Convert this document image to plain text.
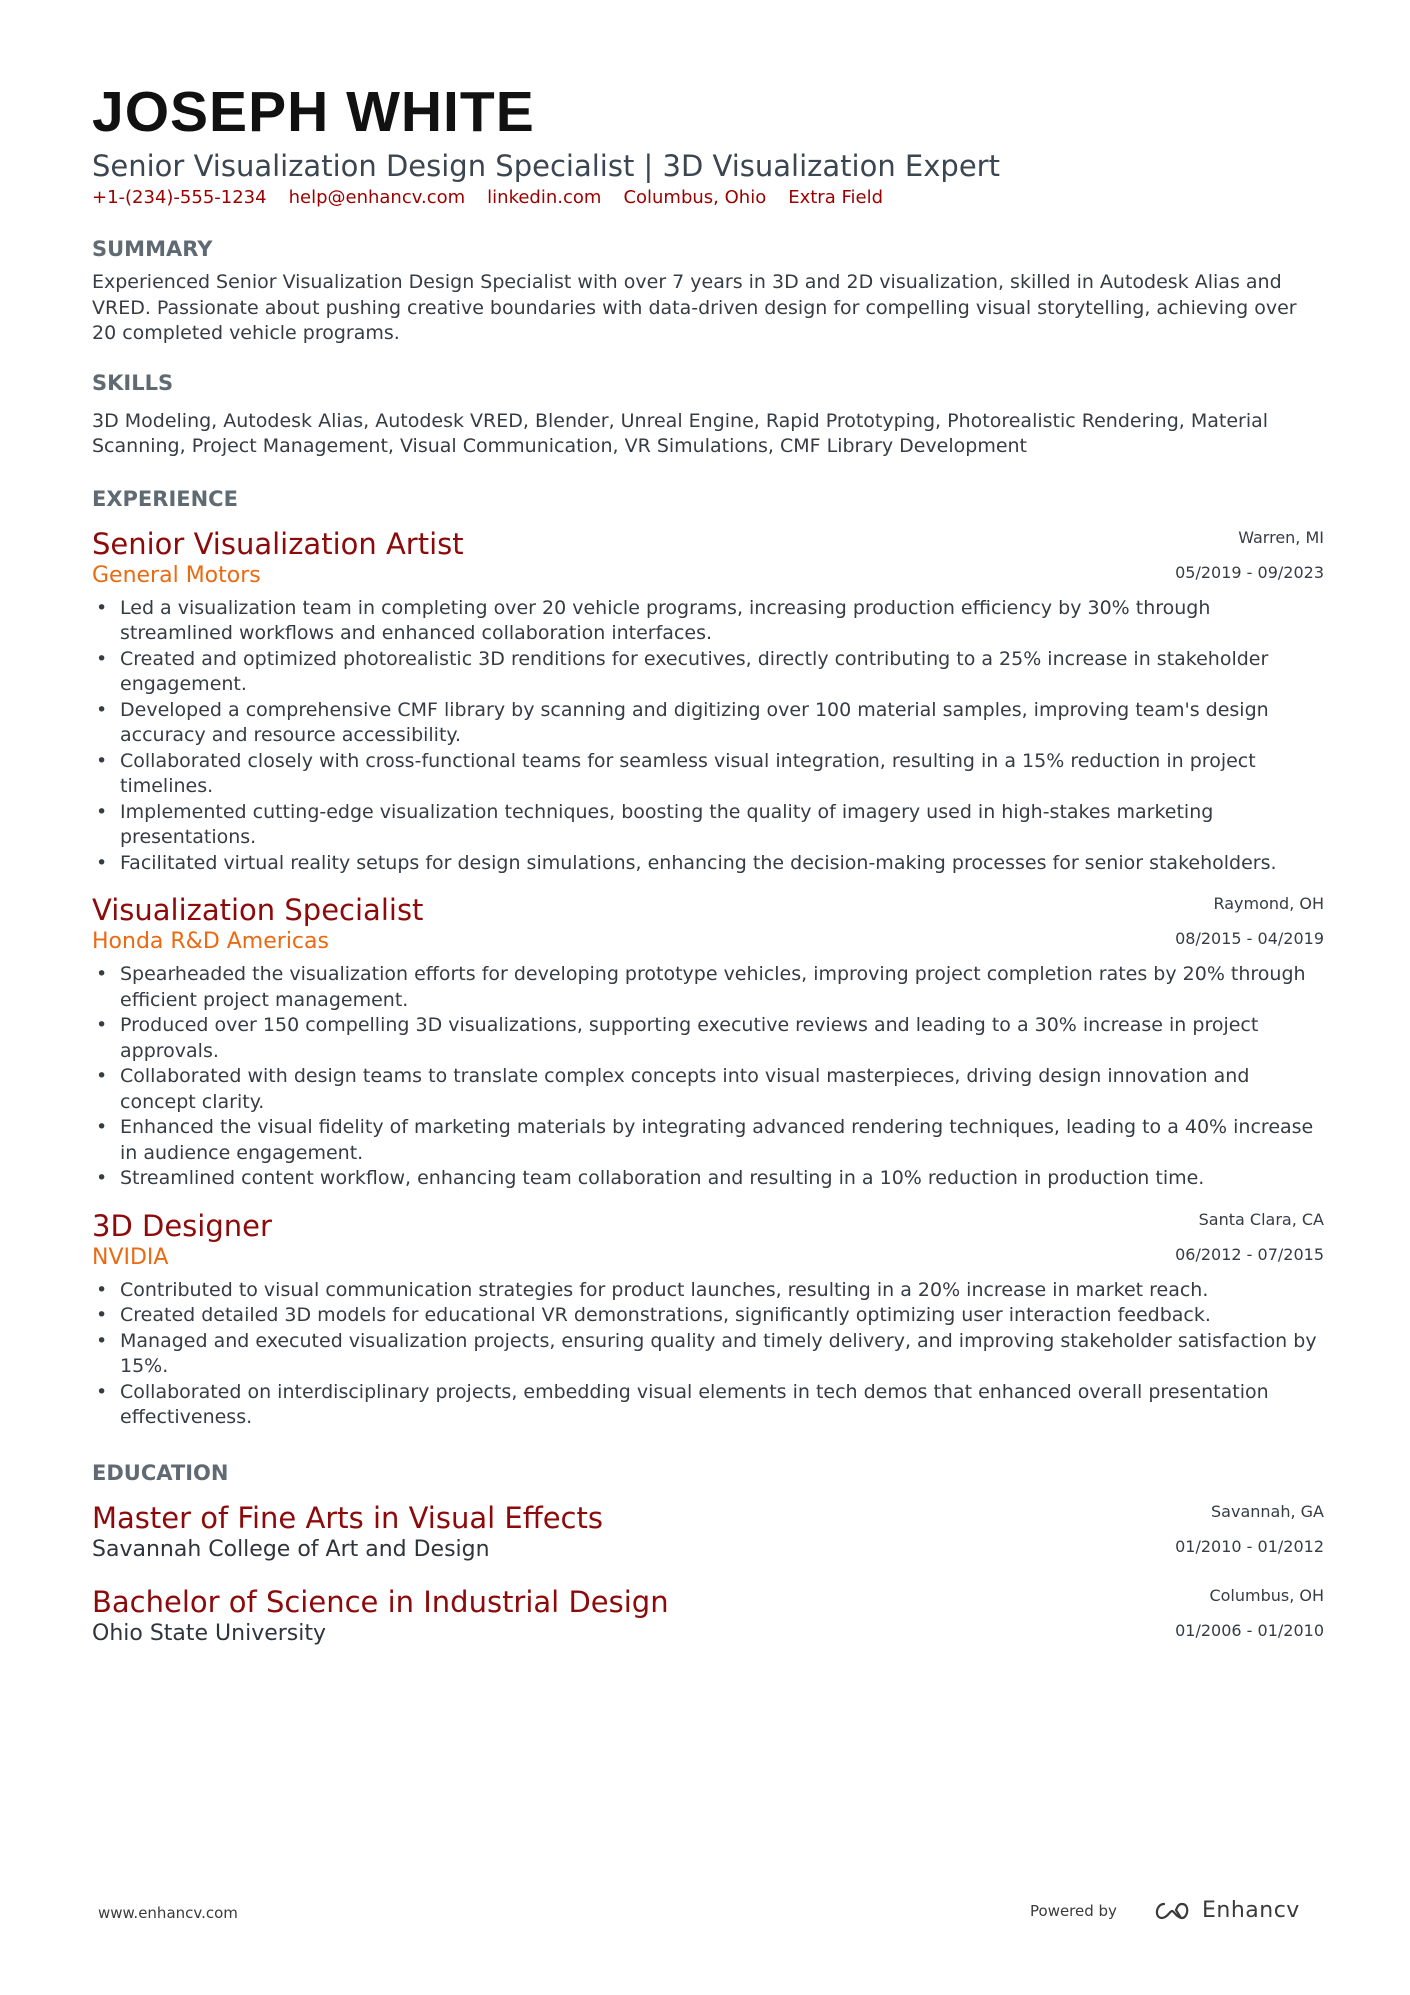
JOSEPH WHITE
Senior Visualization Design Specialist | 3D Visualization Expert
+1-(234)-555-1234 help@enhancv.com linkedin.com Columbus, Ohio Extra Field
SUMMARY
Experienced Senior Visualization Design Specialist with over 7 years in 3D and 2D visualization, skilled in Autodesk Alias and VRED. Passionate about pushing creative boundaries with data-driven design for compelling visual storytelling, achieving over 20 completed vehicle programs.
SKILLS
3D Modeling, Autodesk Alias, Autodesk VRED, Blender, Unreal Engine, Rapid Prototyping, Photorealistic Rendering, Material Scanning, Project Management, Visual Communication, VR Simulations, CMF Library Development
EXPERIENCE
Senior Visualization Artist
General Motors
Warren, MI
05/2019 - 09/2023
• Led a visualization team in completing over 20 vehicle programs, increasing production efficiency by 30% through streamlined workflows and enhanced collaboration interfaces.
• Created and optimized photorealistic 3D renditions for executives, directly contributing to a 25% increase in stakeholder engagement.
• Developed a comprehensive CMF library by scanning and digitizing over 100 material samples, improving team's design accuracy and resource accessibility.
• Collaborated closely with cross-functional teams for seamless visual integration, resulting in a 15% reduction in project timelines.
• Implemented cutting-edge visualization techniques, boosting the quality of imagery used in high-stakes marketing presentations.
• Facilitated virtual reality setups for design simulations, enhancing the decision-making processes for senior stakeholders.
Visualization Specialist
Honda R&D Americas
Raymond, OH
08/2015 - 04/2019
• Spearheaded the visualization efforts for developing prototype vehicles, improving project completion rates by 20% through efficient project management.
• Produced over 150 compelling 3D visualizations, supporting executive reviews and leading to a 30% increase in project approvals.
• Collaborated with design teams to translate complex concepts into visual masterpieces, driving design innovation and concept clarity.
• Enhanced the visual fidelity of marketing materials by integrating advanced rendering techniques, leading to a 40% increase in audience engagement.
• Streamlined content workflow, enhancing team collaboration and resulting in a 10% reduction in production time.
3D Designer
NVIDIA
Santa Clara, CA
06/2012 - 07/2015
• Contributed to visual communication strategies for product launches, resulting in a 20% increase in market reach.
• Created detailed 3D models for educational VR demonstrations, significantly optimizing user interaction feedback.
• Managed and executed visualization projects, ensuring quality and timely delivery, and improving stakeholder satisfaction by 15%.
• Collaborated on interdisciplinary projects, embedding visual elements in tech demos that enhanced overall presentation effectiveness.
EDUCATION
Master of Fine Arts in Visual Effects
Savannah College of Art and Design
Savannah, GA
01/2010 - 01/2012
Bachelor of Science in Industrial Design
Ohio State University
Columbus, OH
01/2006 - 01/2010
www.enhancv.com	Powered by	Enhancv
